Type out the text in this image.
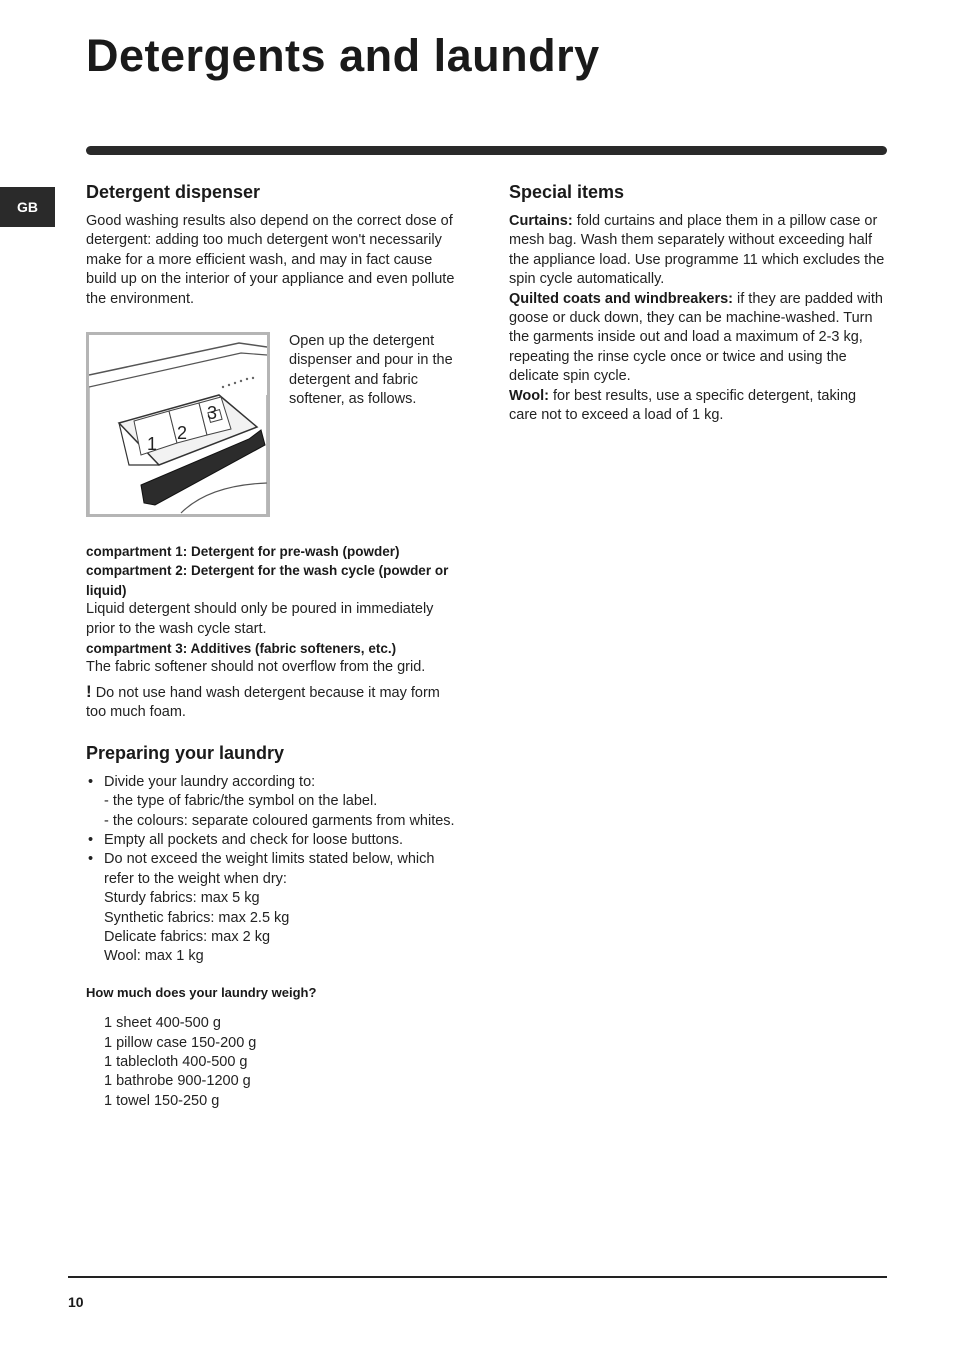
Detergents and laundry
GB
Detergent dispenser

Good washing results also depend on the correct dose of detergent: adding too much detergent won't necessarily make for a more efficient wash, and may in fact cause build up on the interior of your appliance and even pollute the environment.

1
2
3

Open up the detergent dispenser and pour in the detergent and fabric softener, as follows.

compartment 1: Detergent for pre-wash (powder)

compartment 2: Detergent for the wash cycle (powder or liquid)

Liquid detergent should only be poured in immediately prior to the wash cycle start.

compartment 3: Additives (fabric softeners, etc.)

The fabric softener should not overflow from the grid.

! Do not use hand wash detergent because it may form too much foam.

Preparing your laundry
• Divide your laundry according to:
- the type of fabric/the symbol on the label.
- the colours: separate coloured garments from whites.
• Empty all pockets and check for loose buttons.
• Do not exceed the weight limits stated below, which refer to the weight when dry:
Sturdy fabrics: max 5 kg
Synthetic fabrics: max 2.5 kg
Delicate fabrics: max 2 kg
Wool: max 1 kg

How much does your laundry weigh?

1 sheet 400-500 g
1 pillow case 150-200 g
1 tablecloth 400-500 g
1 bathrobe 900-1200 g
1 towel 150-250 g
Special items

Curtains: fold curtains and place them in a pillow case or mesh bag. Wash them separately without exceeding half the appliance load. Use programme 11 which excludes the spin cycle automatically.
Quilted coats and windbreakers: if they are padded with goose or duck down, they can be machine-washed. Turn the garments inside out and load a maximum of 2-3 kg, repeating the rinse cycle once or twice and using the delicate spin cycle.
Wool: for best results, use a specific detergent, taking care not to exceed a load of 1 kg.

10
